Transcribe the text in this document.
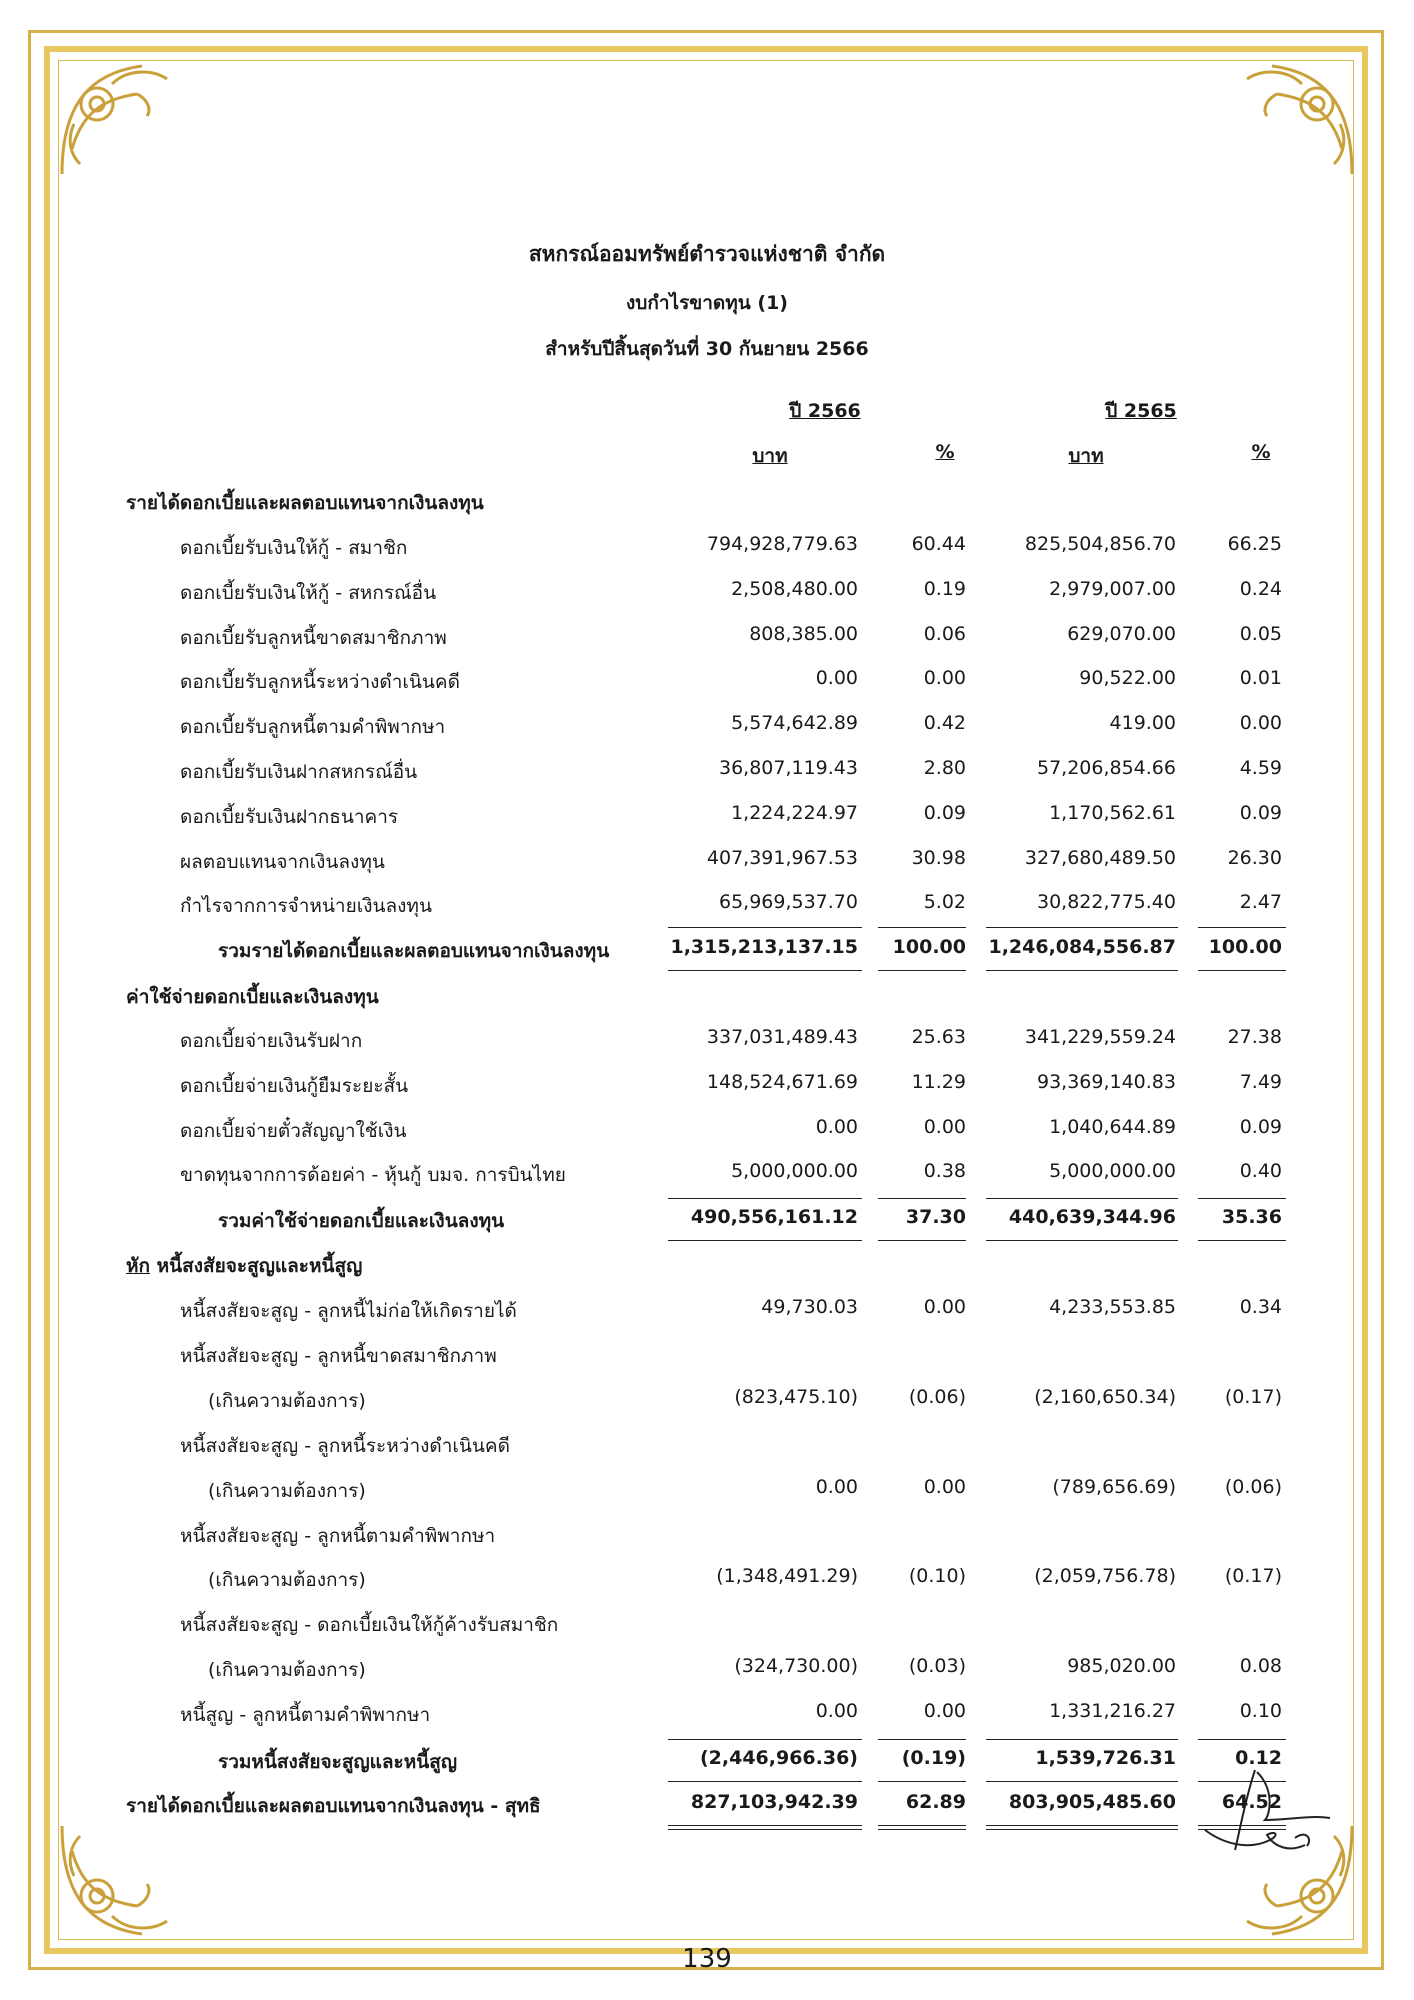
สหกรณ์ออมทรัพย์ตำรวจแห่งชาติ จำกัด
งบกำไรขาดทุน (1)
สำหรับปีสิ้นสุดวันที่ 30 กันยายน 2566
ปี 2566	ปี 2565
บาท	%	บาท	%
รายได้ดอกเบี้ยและผลตอบแทนจากเงินลงทุน
ดอกเบี้ยรับเงินให้กู้ - สมาชิก	794,928,779.63	60.44	825,504,856.70	66.25
ดอกเบี้ยรับเงินให้กู้ - สหกรณ์อื่น	2,508,480.00	0.19	2,979,007.00	0.24
ดอกเบี้ยรับลูกหนี้ขาดสมาชิกภาพ	808,385.00	0.06	629,070.00	0.05
ดอกเบี้ยรับลูกหนี้ระหว่างดำเนินคดี	0.00	0.00	90,522.00	0.01
ดอกเบี้ยรับลูกหนี้ตามคำพิพากษา	5,574,642.89	0.42	419.00	0.00
ดอกเบี้ยรับเงินฝากสหกรณ์อื่น	36,807,119.43	2.80	57,206,854.66	4.59
ดอกเบี้ยรับเงินฝากธนาคาร	1,224,224.97	0.09	1,170,562.61	0.09
ผลตอบแทนจากเงินลงทุน	407,391,967.53	30.98	327,680,489.50	26.30
กำไรจากการจำหน่ายเงินลงทุน	65,969,537.70	5.02	30,822,775.40	2.47
รวมรายได้ดอกเบี้ยและผลตอบแทนจากเงินลงทุน	1,315,213,137.15	100.00	1,246,084,556.87	100.00
ค่าใช้จ่ายดอกเบี้ยและเงินลงทุน
ดอกเบี้ยจ่ายเงินรับฝาก	337,031,489.43	25.63	341,229,559.24	27.38
ดอกเบี้ยจ่ายเงินกู้ยืมระยะสั้น	148,524,671.69	11.29	93,369,140.83	7.49
ดอกเบี้ยจ่ายตั๋วสัญญาใช้เงิน	0.00	0.00	1,040,644.89	0.09
ขาดทุนจากการด้อยค่า - หุ้นกู้ บมจ. การบินไทย	5,000,000.00	0.38	5,000,000.00	0.40
รวมค่าใช้จ่ายดอกเบี้ยและเงินลงทุน	490,556,161.12	37.30	440,639,344.96	35.36
หัก หนี้สงสัยจะสูญและหนี้สูญ
หนี้สงสัยจะสูญ - ลูกหนี้ไม่ก่อให้เกิดรายได้	49,730.03	0.00	4,233,553.85	0.34
หนี้สงสัยจะสูญ - ลูกหนี้ขาดสมาชิกภาพ
(เกินความต้องการ)	(823,475.10)	(0.06)	(2,160,650.34)	(0.17)
หนี้สงสัยจะสูญ - ลูกหนี้ระหว่างดำเนินคดี
(เกินความต้องการ)	0.00	0.00	(789,656.69)	(0.06)
หนี้สงสัยจะสูญ - ลูกหนี้ตามคำพิพากษา
(เกินความต้องการ)	(1,348,491.29)	(0.10)	(2,059,756.78)	(0.17)
หนี้สงสัยจะสูญ - ดอกเบี้ยเงินให้กู้ค้างรับสมาชิก
(เกินความต้องการ)	(324,730.00)	(0.03)	985,020.00	0.08
หนี้สูญ - ลูกหนี้ตามคำพิพากษา	0.00	0.00	1,331,216.27	0.10
รวมหนี้สงสัยจะสูญและหนี้สูญ	(2,446,966.36)	(0.19)	1,539,726.31	0.12
รายได้ดอกเบี้ยและผลตอบแทนจากเงินลงทุน - สุทธิ	827,103,942.39	62.89	803,905,485.60	64.52
139
